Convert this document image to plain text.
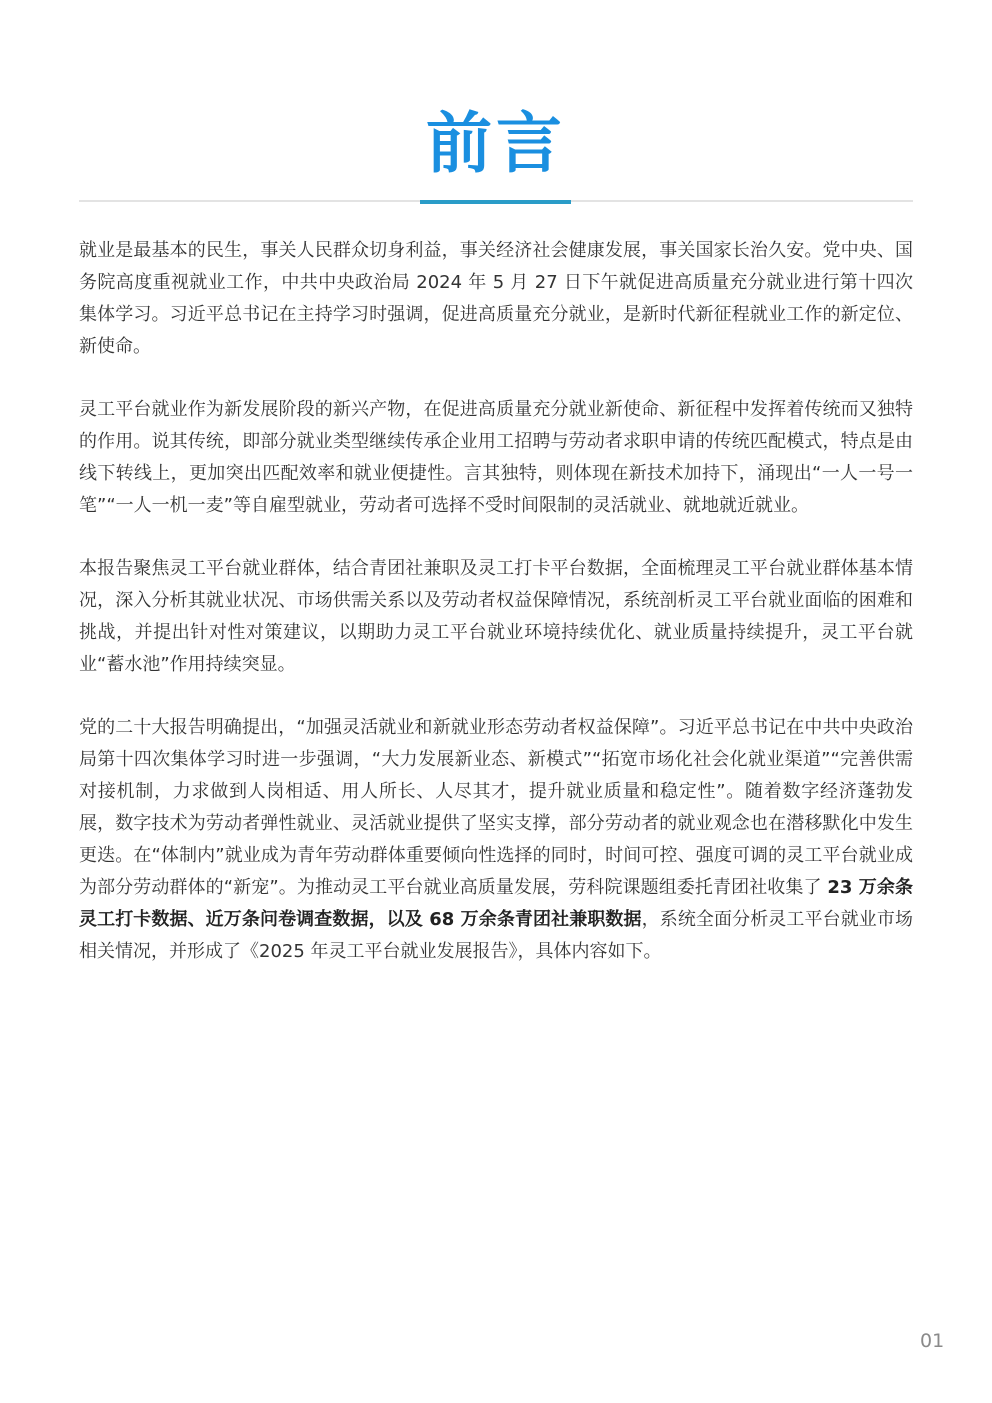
前言

就业是最基本的民生，事关人民群众切身利益，事关经济社会健康发展，事关国家长治久安。党中央、国务院高度重视就业工作，中共中央政治局 2024 年 5 月 27 日下午就促进高质量充分就业进行第十四次集体学习。习近平总书记在主持学习时强调，促进高质量充分就业，是新时代新征程就业工作的新定位、新使命。

灵工平台就业作为新发展阶段的新兴产物，在促进高质量充分就业新使命、新征程中发挥着传统而又独特的作用。说其传统，即部分就业类型继续传承企业用工招聘与劳动者求职申请的传统匹配模式，特点是由线下转线上，更加突出匹配效率和就业便捷性。言其独特，则体现在新技术加持下，涌现出“一人一号一笔”“一人一机一麦”等自雇型就业，劳动者可选择不受时间限制的灵活就业、就地就近就业。

本报告聚焦灵工平台就业群体，结合青团社兼职及灵工打卡平台数据，全面梳理灵工平台就业群体基本情况，深入分析其就业状况、市场供需关系以及劳动者权益保障情况，系统剖析灵工平台就业面临的困难和挑战，并提出针对性对策建议，以期助力灵工平台就业环境持续优化、就业质量持续提升，灵工平台就业“蓄水池”作用持续突显。

党的二十大报告明确提出，“加强灵活就业和新就业形态劳动者权益保障”。习近平总书记在中共中央政治局第十四次集体学习时进一步强调，“大力发展新业态、新模式”“拓宽市场化社会化就业渠道”“完善供需对接机制，力求做到人岗相适、用人所长、人尽其才，提升就业质量和稳定性”。随着数字经济蓬勃发展，数字技术为劳动者弹性就业、灵活就业提供了坚实支撑，部分劳动者的就业观念也在潜移默化中发生更迭。在“体制内”就业成为青年劳动群体重要倾向性选择的同时，时间可控、强度可调的灵工平台就业成为部分劳动群体的“新宠”。为推动灵工平台就业高质量发展，劳科院课题组委托青团社收集了 23 万余条灵工打卡数据、近万条问卷调查数据，以及 68 万余条青团社兼职数据，系统全面分析灵工平台就业市场相关情况，并形成了《2025 年灵工平台就业发展报告》，具体内容如下。

01
